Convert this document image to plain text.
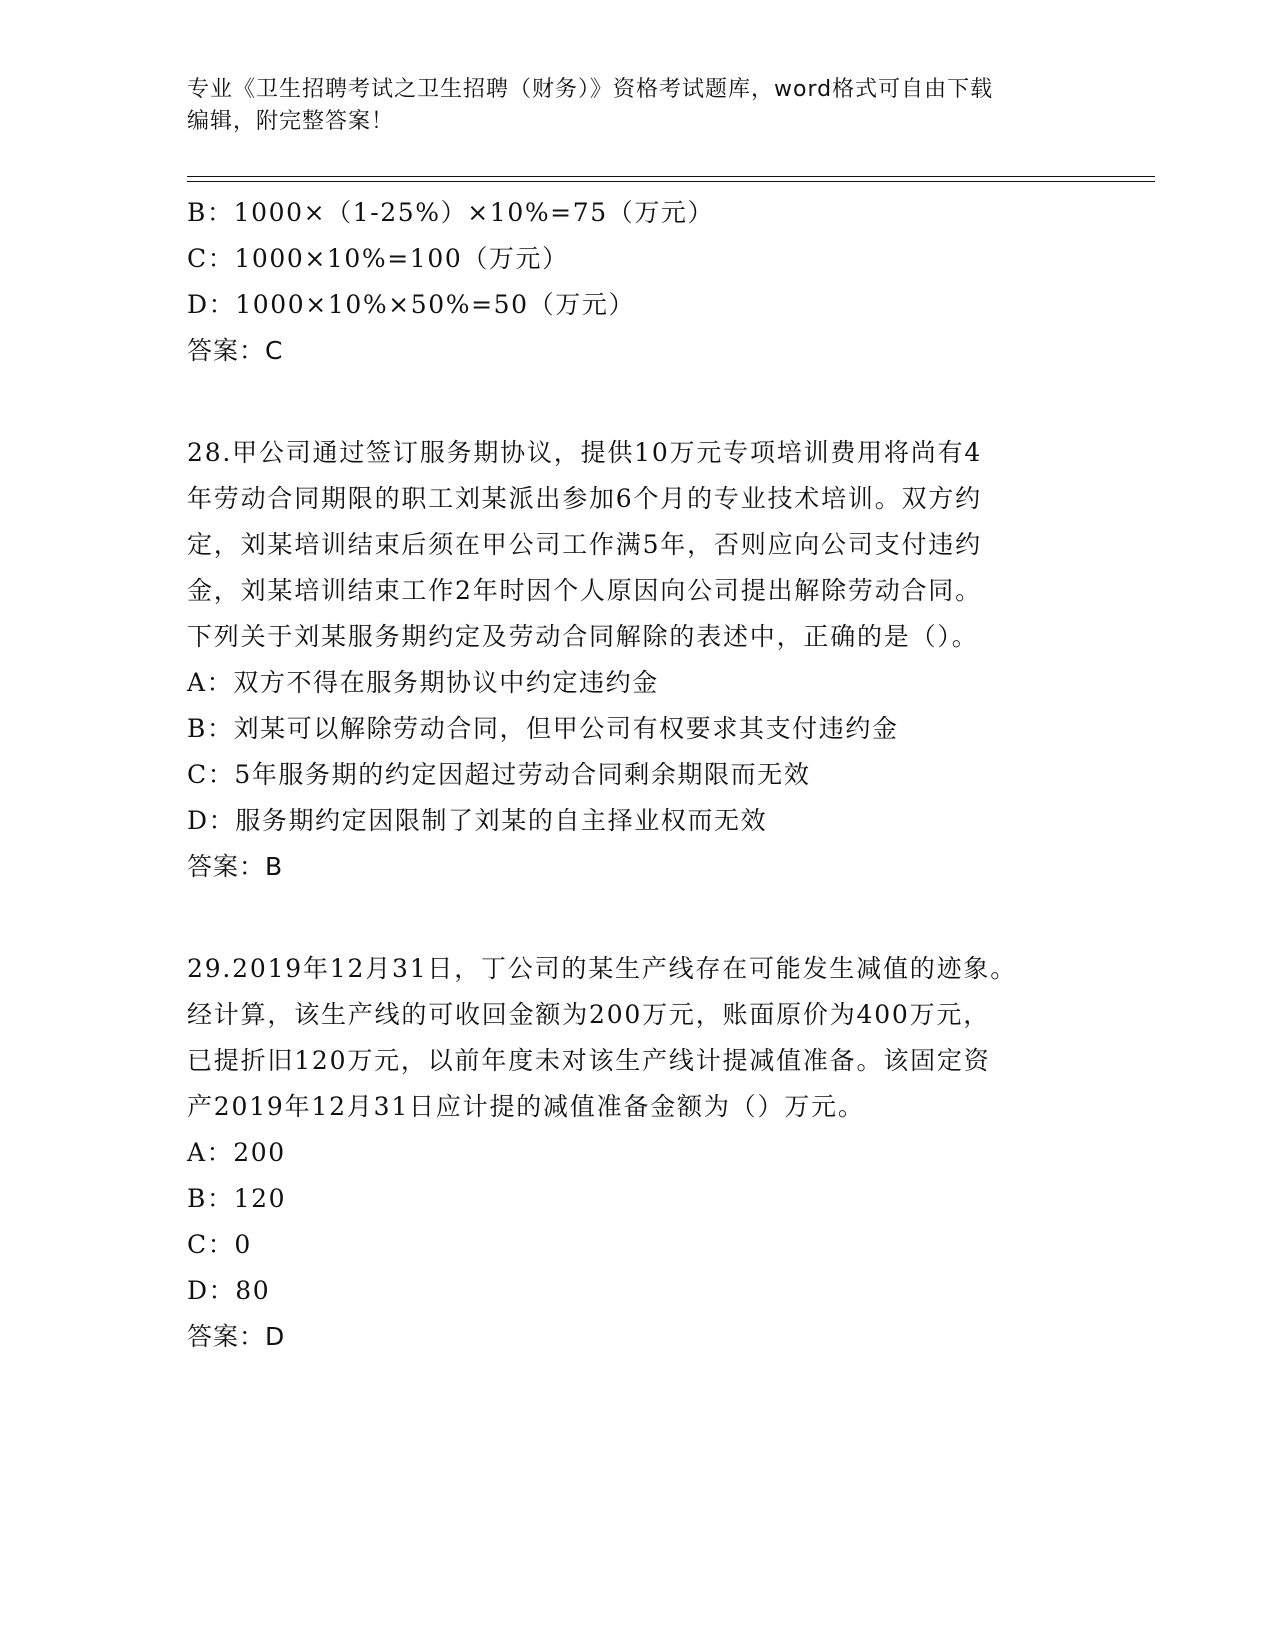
专业《卫生招聘考试之卫生招聘（财务）》资格考试题库，word格式可自由下载
编辑，附完整答案！
B：1000×（1-25%）×10%=75（万元）
C：1000×10%=100（万元）
D：1000×10%×50%=50（万元）
答案：C
28.甲公司通过签订服务期协议，提供10万元专项培训费用将尚有4
年劳动合同期限的职工刘某派出参加6个月的专业技术培训。双方约
定，刘某培训结束后须在甲公司工作满5年，否则应向公司支付违约
金，刘某培训结束工作2年时因个人原因向公司提出解除劳动合同。
下列关于刘某服务期约定及劳动合同解除的表述中，正确的是（）。
A：双方不得在服务期协议中约定违约金
B：刘某可以解除劳动合同，但甲公司有权要求其支付违约金
C：5年服务期的约定因超过劳动合同剩余期限而无效
D：服务期约定因限制了刘某的自主择业权而无效
答案：B
29.2019年12月31日，丁公司的某生产线存在可能发生减值的迹象。
经计算，该生产线的可收回金额为200万元，账面原价为400万元，
已提折旧120万元，以前年度未对该生产线计提减值准备。该固定资
产2019年12月31日应计提的减值准备金额为（）万元。
A：200
B：120
C：0
D：80
答案：D
